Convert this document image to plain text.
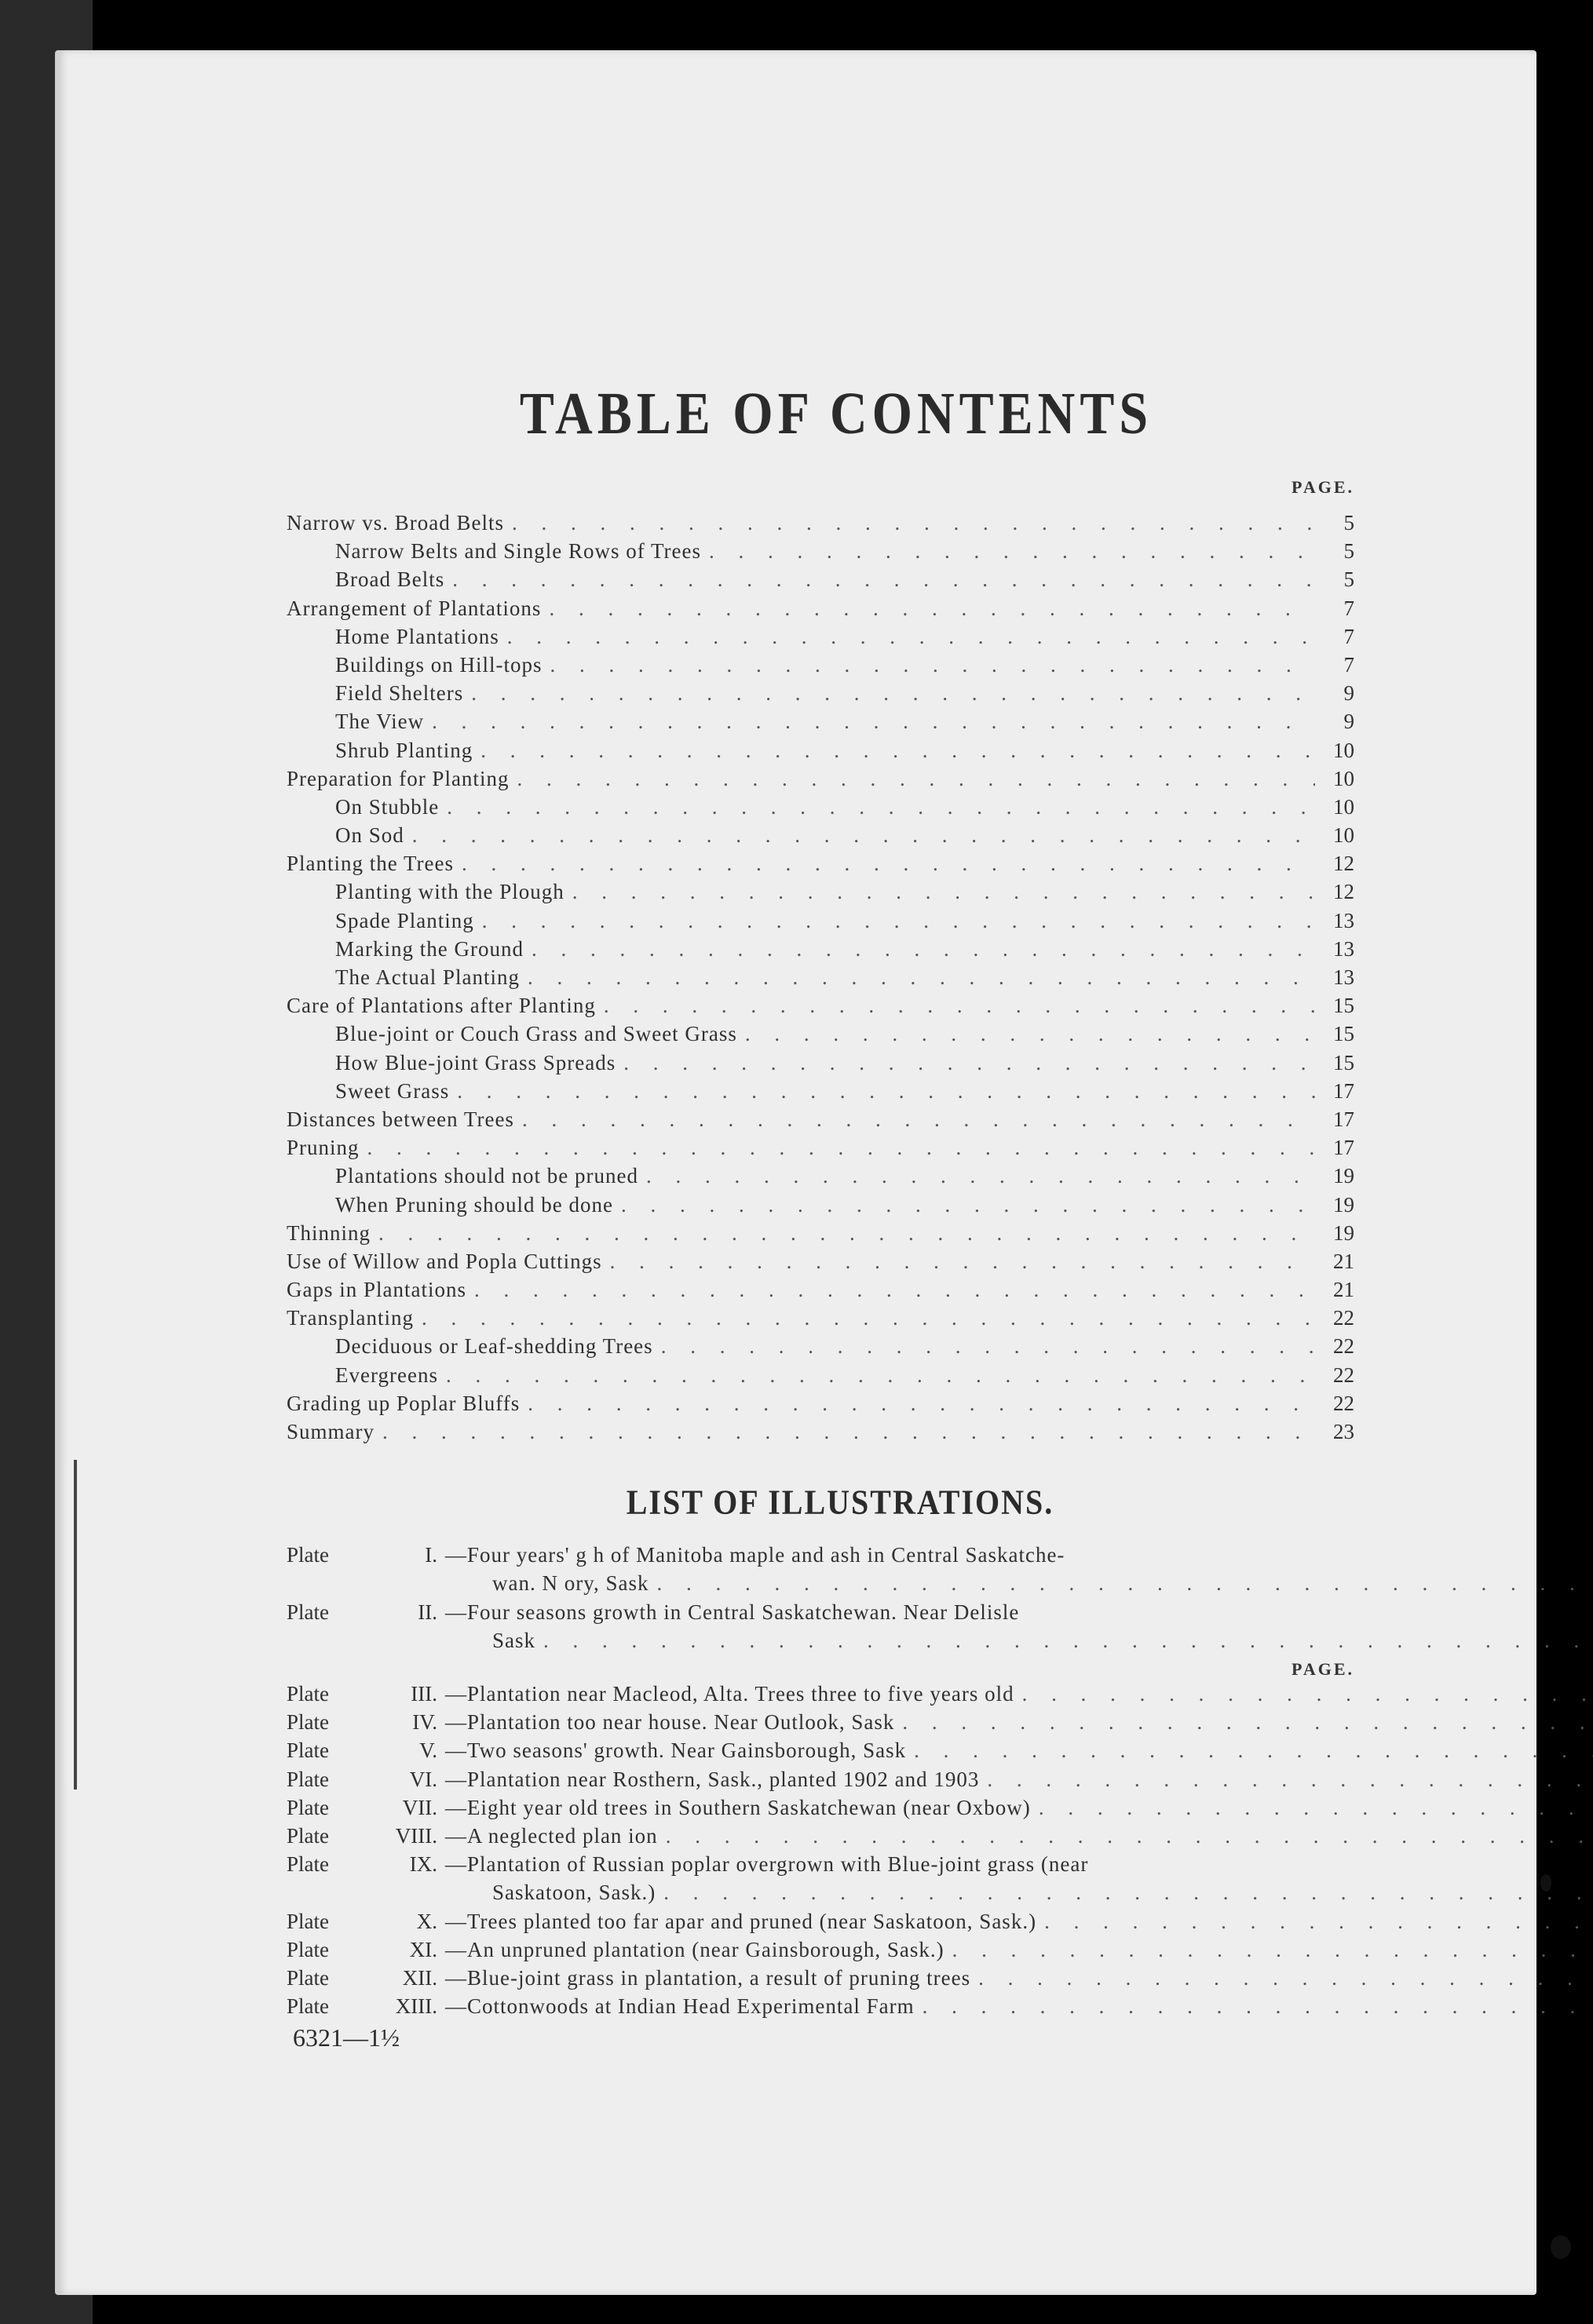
TABLE OF CONTENTS
PAGE.
Narrow vs. Broad Belts . . .	5
Narrow Belts and Single Rows of Trees . . .	5
Broad Belts . . .	5
Arrangement of Plantations . . .	7
Home Plantations . . .	7
Buildings on Hill-tops . . .	7
Field Shelters . . .	9
The View . . .	9
Shrub Planting . . .	10
Preparation for Planting . . .	10
On Stubble . . .	10
On Sod . . .	10
Planting the Trees . . .	12
Planting with the Plough . . .	12
Spade Planting . . .	13
Marking the Ground . . .	13
The Actual Planting . . .	13
Care of Plantations after Planting . . .	15
Blue-joint or Couch Grass and Sweet Grass . . .	15
How Blue-joint Grass Spreads . . .	15
Sweet Grass . . .	17
Distances between Trees . . .	17
Pruning . . .	17
Plantations should not be pruned . . .	19
When Pruning should be done . . .	19
Thinning . . .	19
Use of Willow and Popla Cuttings . . .	21
Gaps in Plantations . . .	21
Transplanting . . .	22
Deciduous or Leaf-shedding Trees . . .	22
Evergreens . . .	22
Grading up Poplar Bluffs . . .	22
Summary . . .	23
LIST OF ILLUSTRATIONS.
Plate	I. —Four years' g h of Manitoba maple and ash in Central Saskatche-
wan. N ory, Sask
. . .
Plate	II. —Four seasons growth in Central Saskatchewan. Near Delisle
Sask
. . .
PAGE.
Plate	III. —Plantation near Macleod, Alta. Trees three to five years old
. . .
Plate	IV. —Plantation too near house. Near Outlook, Sask
. . .
Plate	V. —Two seasons' growth. Near Gainsborough, Sask
. . .
Plate	VI. —Plantation near Rosthern, Sask., planted 1902 and 1903
. . .
Plate	VII. —Eight year old trees in Southern Saskatchewan (near Oxbow)
. . .
Plate	VIII. —A neglected plan ion
. . .
Plate	IX. —Plantation of Russian poplar overgrown with Blue-joint grass (near
Saskatoon, Sask.)
. . .
Plate	X. —Trees planted too far apar and pruned (near Saskatoon, Sask.)
. . .
Plate	XI. —An unpruned plantation (near Gainsborough, Sask.)
. . .
Plate	XII. —Blue-joint grass in plantation, a result of pruning trees
. . .
Plate	XIII. —Cottonwoods at Indian Head Experimental Farm
. . .
6321—1½
